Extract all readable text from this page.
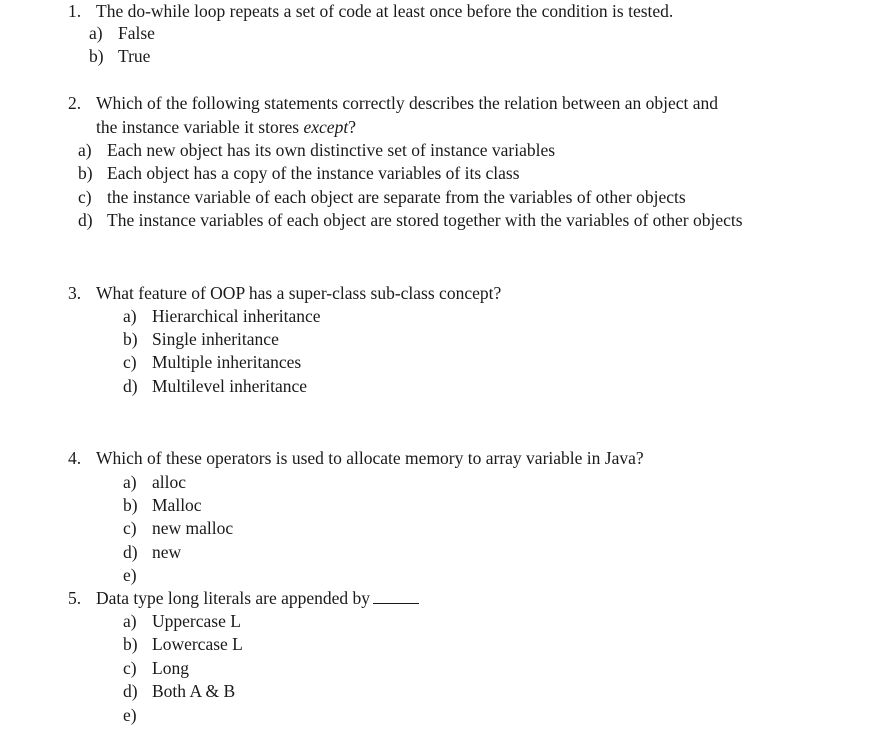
1. The do-while loop repeats a set of code at least once before the condition is tested.
a) False
b) True
2. Which of the following statements correctly describes the relation between an object and
the instance variable it stores except?
a) Each new object has its own distinctive set of instance variables
b) Each object has a copy of the instance variables of its class
c) the instance variable of each object are separate from the variables of other objects
d) The instance variables of each object are stored together with the variables of other objects
3. What feature of OOP has a super-class sub-class concept?
a) Hierarchical inheritance
b) Single inheritance
c) Multiple inheritances
d) Multilevel inheritance
4. Which of these operators is used to allocate memory to array variable in Java?
a) alloc
b) Malloc
c) new malloc
d) new
e)
5. Data type long literals are appended by
a) Uppercase L
b) Lowercase L
c) Long
d) Both A & B
e)
